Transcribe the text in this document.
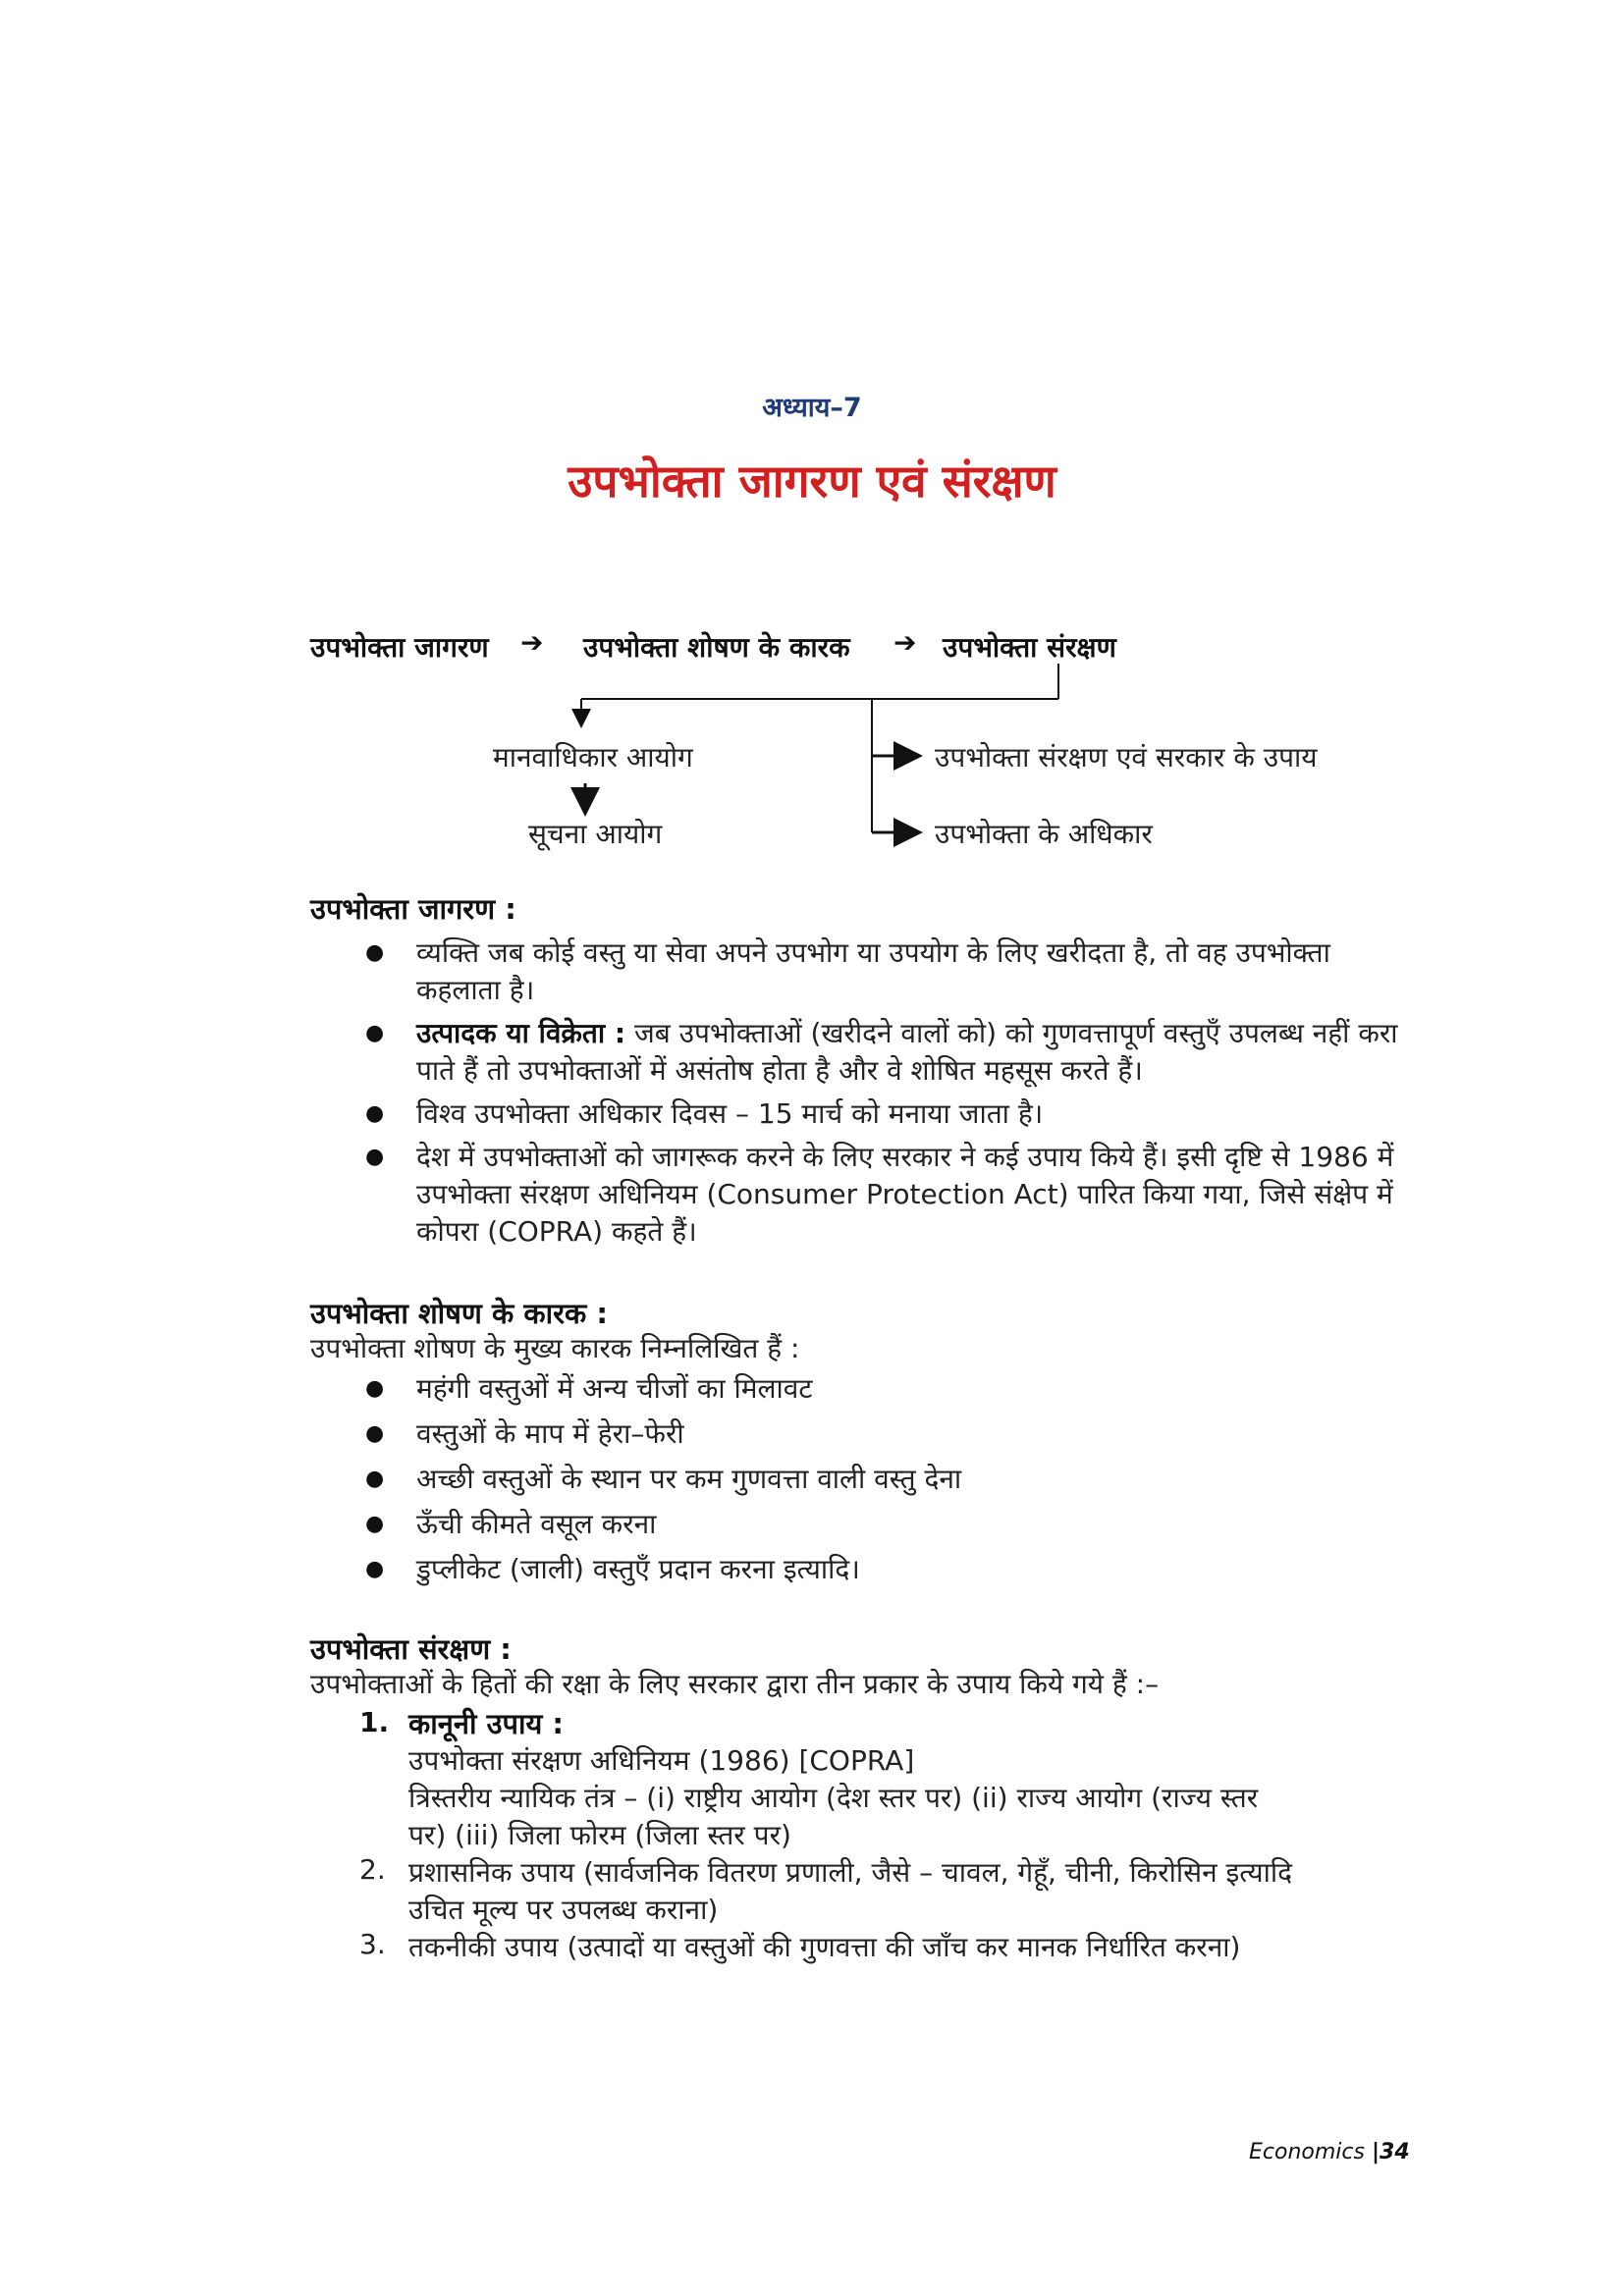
अध्याय–7
उपभोक्ता जागरण एवं संरक्षण
उपभोक्ता जागरण ➔ उपभोक्ता शोषण के कारक ➔ उपभोक्ता संरक्षण
मानवाधिकार आयोग
सूचना आयोग
उपभोक्ता संरक्षण एवं सरकार के उपाय
उपभोक्ता के अधिकार
उपभोक्ता जागरण :
● व्यक्ति जब कोई वस्तु या सेवा अपने उपभोग या उपयोग के लिए खरीदता है, तो वह उपभोक्ता कहलाता है।
● उत्पादक या विक्रेता : जब उपभोक्ताओं (खरीदने वालों को) को गुणवत्तापूर्ण वस्तुएँ उपलब्ध नहीं करा पाते हैं तो उपभोक्ताओं में असंतोष होता है और वे शोषित महसूस करते हैं।
● विश्व उपभोक्ता अधिकार दिवस – 15 मार्च को मनाया जाता है।
● देश में उपभोक्ताओं को जागरूक करने के लिए सरकार ने कई उपाय किये हैं। इसी दृष्टि से 1986 में उपभोक्ता संरक्षण अधिनियम (Consumer Protection Act) पारित किया गया, जिसे संक्षेप में कोपरा (COPRA) कहते हैं।
उपभोक्ता शोषण के कारक :
उपभोक्ता शोषण के मुख्य कारक निम्नलिखित हैं :
● महंगी वस्तुओं में अन्य चीजों का मिलावट
● वस्तुओं के माप में हेरा–फेरी
● अच्छी वस्तुओं के स्थान पर कम गुणवत्ता वाली वस्तु देना
● ऊँची कीमते वसूल करना
● डुप्लीकेट (जाली) वस्तुएँ प्रदान करना इत्यादि।
उपभोक्ता संरक्षण :
उपभोक्ताओं के हितों की रक्षा के लिए सरकार द्वारा तीन प्रकार के उपाय किये गये हैं :–
1. कानूनी उपाय :
उपभोक्ता संरक्षण अधिनियम (1986) [COPRA]
त्रिस्तरीय न्यायिक तंत्र – (i) राष्ट्रीय आयोग (देश स्तर पर) (ii) राज्य आयोग (राज्य स्तर
पर) (iii) जिला फोरम (जिला स्तर पर)
2. प्रशासनिक उपाय (सार्वजनिक वितरण प्रणाली, जैसे – चावल, गेहूँ, चीनी, किरोसिन इत्यादि
उचित मूल्य पर उपलब्ध कराना)
3. तकनीकी उपाय (उत्पादों या वस्तुओं की गुणवत्ता की जाँच कर मानक निर्धारित करना)
Economics |34
